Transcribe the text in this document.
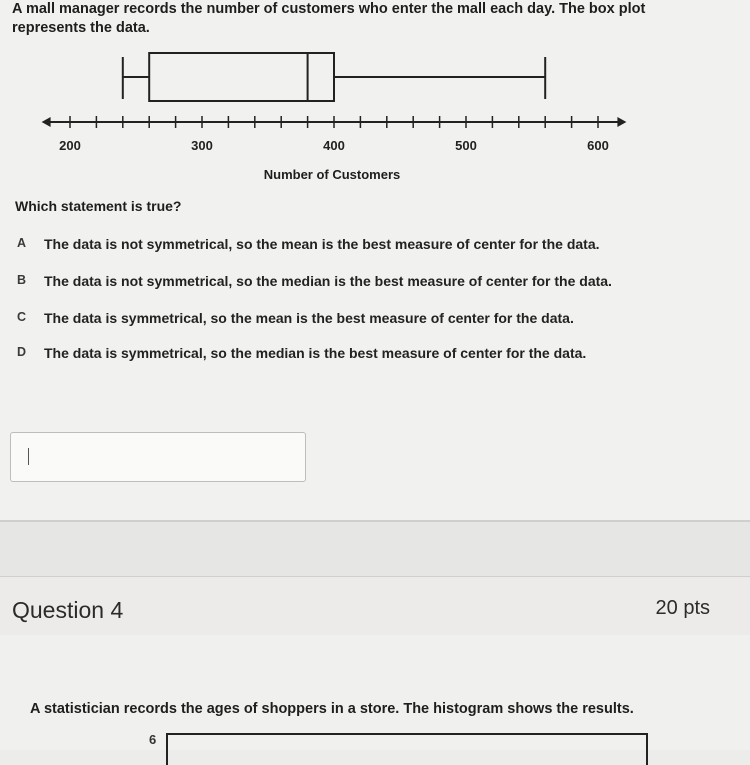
A mall manager records the number of customers who enter the mall each day. The box plot represents the data.
200	300	400	500	600
Number of Customers
Which statement is true?
A The data is not symmetrical, so the mean is the best measure of center for the data.
B The data is not symmetrical, so the median is the best measure of center for the data.
C The data is symmetrical, so the mean is the best measure of center for the data.
D The data is symmetrical, so the median is the best measure of center for the data.
Question 4	20 pts
A statistician records the ages of shoppers in a store. The histogram shows the results.
6
